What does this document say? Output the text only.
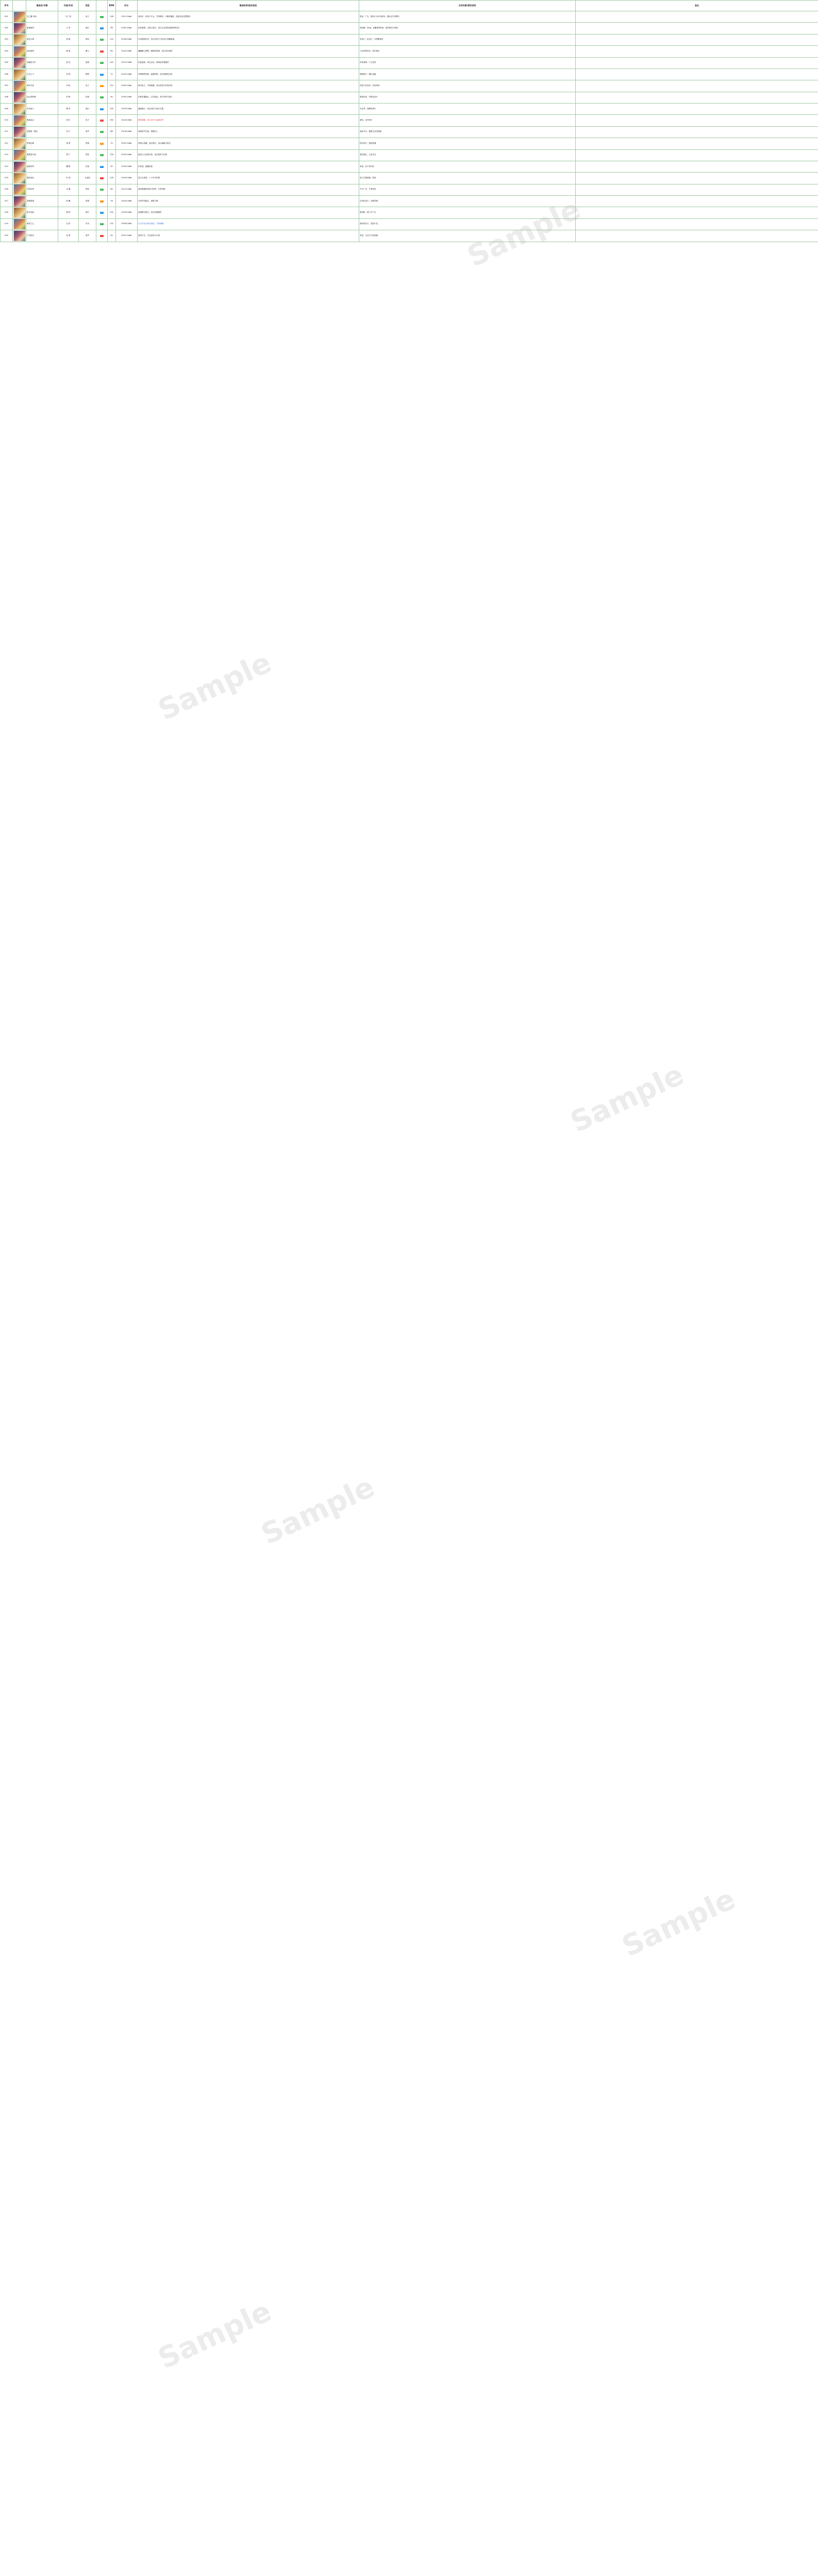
序号		歌曲名/专辑	作曲/作词	类型		BPM	时长	歌曲说明/版权信息	应用场景/授权说明	备注
001		光之翼·序曲	木下·田	电子	A	128	03:21·24bit	纯音乐 · 适用于片头，节奏明快，可循环播放，原创作品完整授权	影视、广告、游戏片头均可使用，需标注作者署名	
002		夏夜晚风	王·李	流行	B	96	04:02·24bit	轻快旋律，吉他与弦乐，适合生活类短视频背景音乐	短视频、Vlog、直播背景使用，商用需另行授权	
003		星辰大海	张·陈	管弦	A	110	02:58·24bit	史诗感管弦乐，适合宣传片与纪录片高潮段落	宣传片、纪录片，可剪辑使用	
004		雨后街角	林·周	爵士	C	84	03:45·24bit	慵懒爵士钢琴，咖啡馆氛围，适合室内场景	门店背景音乐、短片配乐	
005		奔跑吧少年	赵·吴	摇滚	A	140	03:12·24bit	热血摇滚，适合运动、赛事及青春题材	体育赛事、广告宣传	
006		月光之下	孙·郑	钢琴	B	72	04:30·24bit	抒情钢琴独奏，温柔舒缓，适合情感类内容	情感短片、婚礼视频	
007		城市节拍	冯·何	电子	D	124	03:05·24bit	都市电子，节奏感强，适合科技与时尚内容	科技产品发布、时尚秀场	
008		远山的呼唤	许·韩	民族	A	90	03:50·24bit	民族乐器融合，空灵悠远，适合风景与旅行	旅游宣传、风景纪录片	
009		时光旅人	曹·邓	流行	B	100	03:33·24bit	温暖流行，适合回忆与成长主题	毕业季、品牌故事片	
010		极速追击	彭·吕	电子	C	150	02:44·24bit	紧张刺激，适合动作与追逐场景	游戏、动作短片	
011		清晨第一缕光	苏·卢	原声	A	88	03:18·24bit	清新原声吉他，积极向上	晨间节目、健康生活类视频	
012		梦境边缘	蒋·蔡	氛围	D	70	05:02·24bit	氛围合成器，迷幻梦幻，适合悬疑与科幻	科幻短片、展览装置	
013		胜利进行曲	贾·丁	管弦	A	116	02:50·24bit	振奋人心的进行曲，适合颁奖与庆典	颁奖典礼、企业年会	
014		温柔的风	魏·薛	民谣	B	92	03:40·24bit	轻民谣，温馨治愈	家庭、亲子类内容	
015		霓虹夜色	叶·阎	合成波	C	118	03:26·24bit	复古合成波，八十年代风格	复古主题视频、游戏	
016		冰雪世界	余·潘	管弦	A	80	04:12·24bit	晶莹剔透的管弦与钟琴，冬季氛围	节日广告、冬季宣传	
017		森林秘境	杜·戴	氛围	D	76	04:44·24bit	自然声效融合，神秘宁静	自然纪录片、冥想音频	
018		都市恋曲	夏·钟	流行	B	104	03:36·24bit	浪漫都市流行，适合爱情题材	微电影、情人节广告	
019		勇者之心	汪·田	史诗	A	132	03:08·24bit	宏大史诗合唱与鼓组，气势磅礴	游戏预告片、电影片花	
020		午后阳光	任·姜	原声	C	94	03:22·24bit	悠闲午后，尤克里里与口哨	美食、生活方式类视频		Sample
Sample
Sample
Sample
Sample
Sample
